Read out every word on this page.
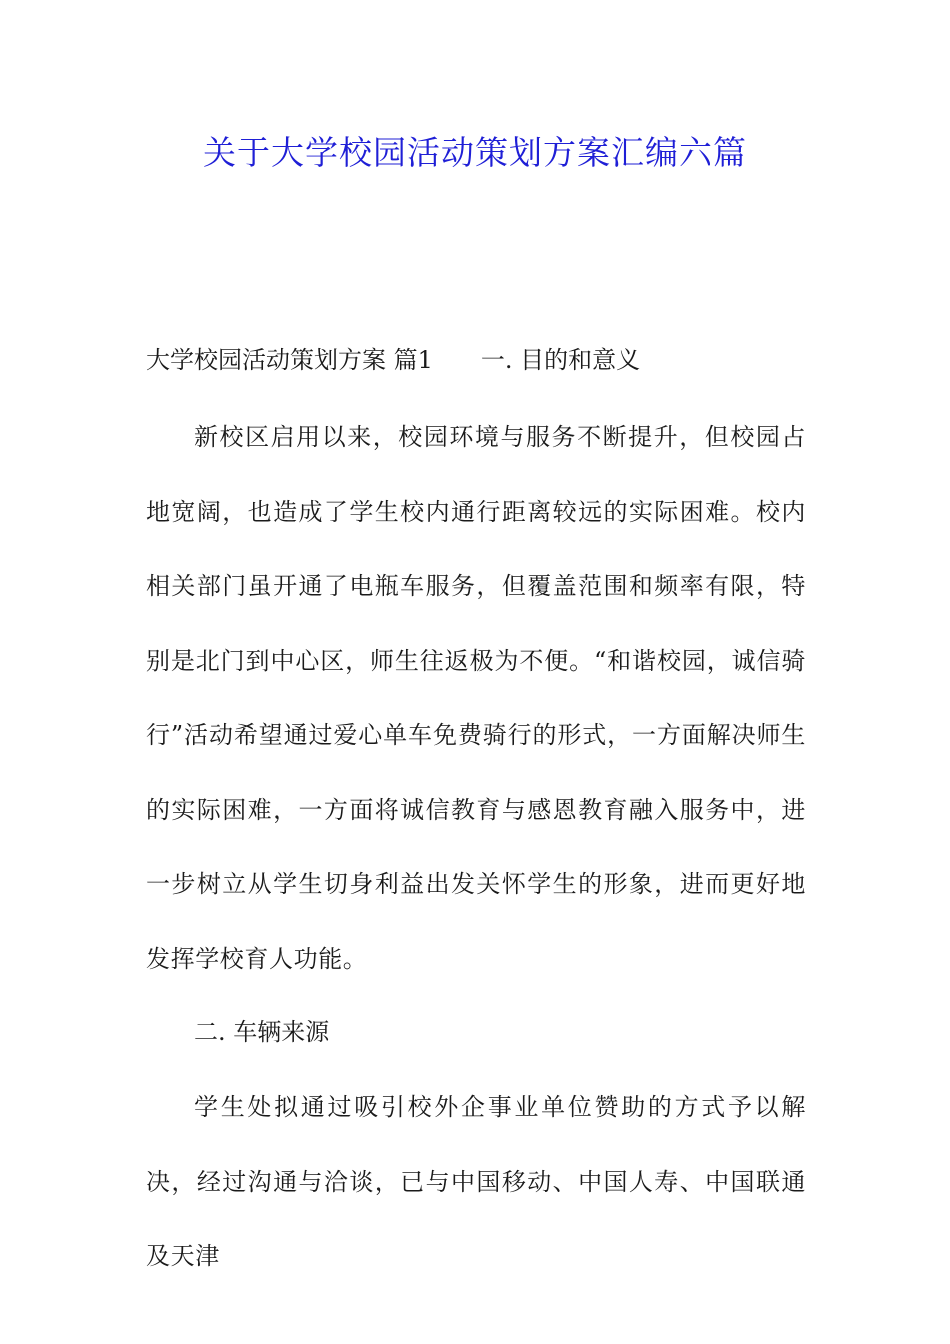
关于大学校园活动策划方案汇编六篇

大学校园活动策划方案 篇1 一. 目的和意义

新校区启用以来，校园环境与服务不断提升，但校园占地宽阔，也造成了学生校内通行距离较远的实际困难。校内相关部门虽开通了电瓶车服务，但覆盖范围和频率有限，特别是北门到中心区，师生往返极为不便。“和谐校园，诚信骑行”活动希望通过爱心单车免费骑行的形式，一方面解决师生的实际困难，一方面将诚信教育与感恩教育融入服务中，进一步树立从学生切身利益出发关怀学生的形象，进而更好地发挥学校育人功能。

二. 车辆来源

学生处拟通过吸引校外企事业单位赞助的方式予以解决，经过沟通与洽谈，已与中国移动、中国人寿、中国联通及天津
